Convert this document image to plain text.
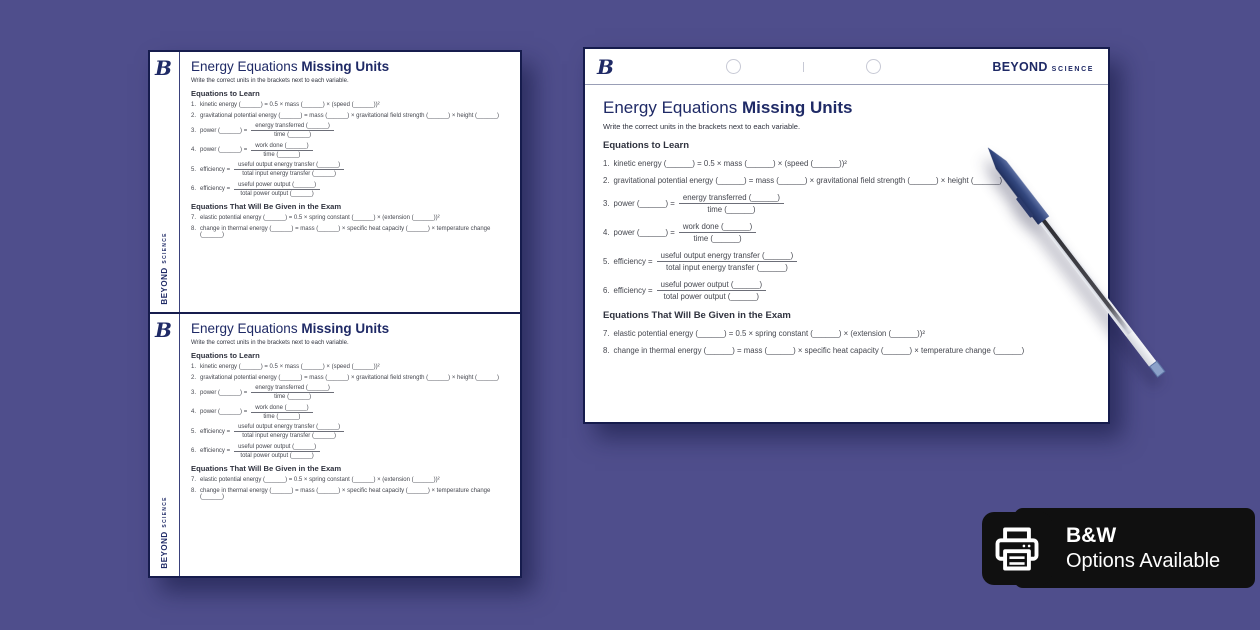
B
BEYONDSCIENCE
Energy Equations Missing Units
Write the correct units in the brackets next to each variable.
Equations to Learn
1. kinetic energy (______) = 0.5 × mass (______) × (speed (______))²
2. gravitational potential energy (______) = mass (______) × gravitational field strength (______) × height (______)
3. power (______) = $\frac{\text{energy transferred (\_\_\_\_\_\_)}}{\text{time (\_\_\_\_\_\_)}}$
4. power (______) = $\frac{\text{work done (\_\_\_\_\_\_)}}{\text{time (\_\_\_\_\_\_)}}$
5. efficiency = $\frac{\text{useful output energy transfer (\_\_\_\_\_\_)}}{\text{total input energy transfer (\_\_\_\_\_\_)}}$
6. efficiency = $\frac{\text{useful power output (\_\_\_\_\_\_)}}{\text{total power output (\_\_\_\_\_\_)}}$
Equations That Will Be Given in the Exam
7. elastic potential energy (______) = 0.5 × spring constant (______) × (extension (______))²
8. change in thermal energy (______) = mass (______) × specific heat capacity (______) × temperature change (______)
B
BEYONDSCIENCE
Energy Equations Missing Units
Write the correct units in the brackets next to each variable.
Equations to Learn
1. kinetic energy (______) = 0.5 × mass (______) × (speed (______))²
2. gravitational potential energy (______) = mass (______) × gravitational field strength (______) × height (______)
3. power (______) = $\frac{\text{energy transferred (\_\_\_\_\_\_)}}{\text{time (\_\_\_\_\_\_)}}$
4. power (______) = $\frac{\text{work done (\_\_\_\_\_\_)}}{\text{time (\_\_\_\_\_\_)}}$
5. efficiency = $\frac{\text{useful output energy transfer (\_\_\_\_\_\_)}}{\text{total input energy transfer (\_\_\_\_\_\_)}}$
6. efficiency = $\frac{\text{useful power output (\_\_\_\_\_\_)}}{\text{total power output (\_\_\_\_\_\_)}}$
Equations That Will Be Given in the Exam
7. elastic potential energy (______) = 0.5 × spring constant (______) × (extension (______))²
8. change in thermal energy (______) = mass (______) × specific heat capacity (______) × temperature change (______)
B	BEYOND SCIENCE
Energy Equations Missing Units
Write the correct units in the brackets next to each variable.
Equations to Learn
1. kinetic energy (______) = 0.5 × mass (______) × (speed (______))²
2. gravitational potential energy (______) = mass (______) × gravitational field strength (______) × height (______)
3. power (______) = $\frac{\text{energy transferred (\_\_\_\_\_\_)}}{\text{time (\_\_\_\_\_\_)}}$
4. power (______) = $\frac{\text{work done (\_\_\_\_\_\_)}}{\text{time (\_\_\_\_\_\_)}}$
5. efficiency = $\frac{\text{useful output energy transfer (\_\_\_\_\_\_)}}{\text{total input energy transfer (\_\_\_\_\_\_)}}$
6. efficiency = $\frac{\text{useful power output (\_\_\_\_\_\_)}}{\text{total power output (\_\_\_\_\_\_)}}$
Equations That Will Be Given in the Exam
7. elastic potential energy (______) = 0.5 × spring constant (______) × (extension (______))²
8. change in thermal energy (______) = mass (______) × specific heat capacity (______) × temperature change (______)
B&W
Options Available
